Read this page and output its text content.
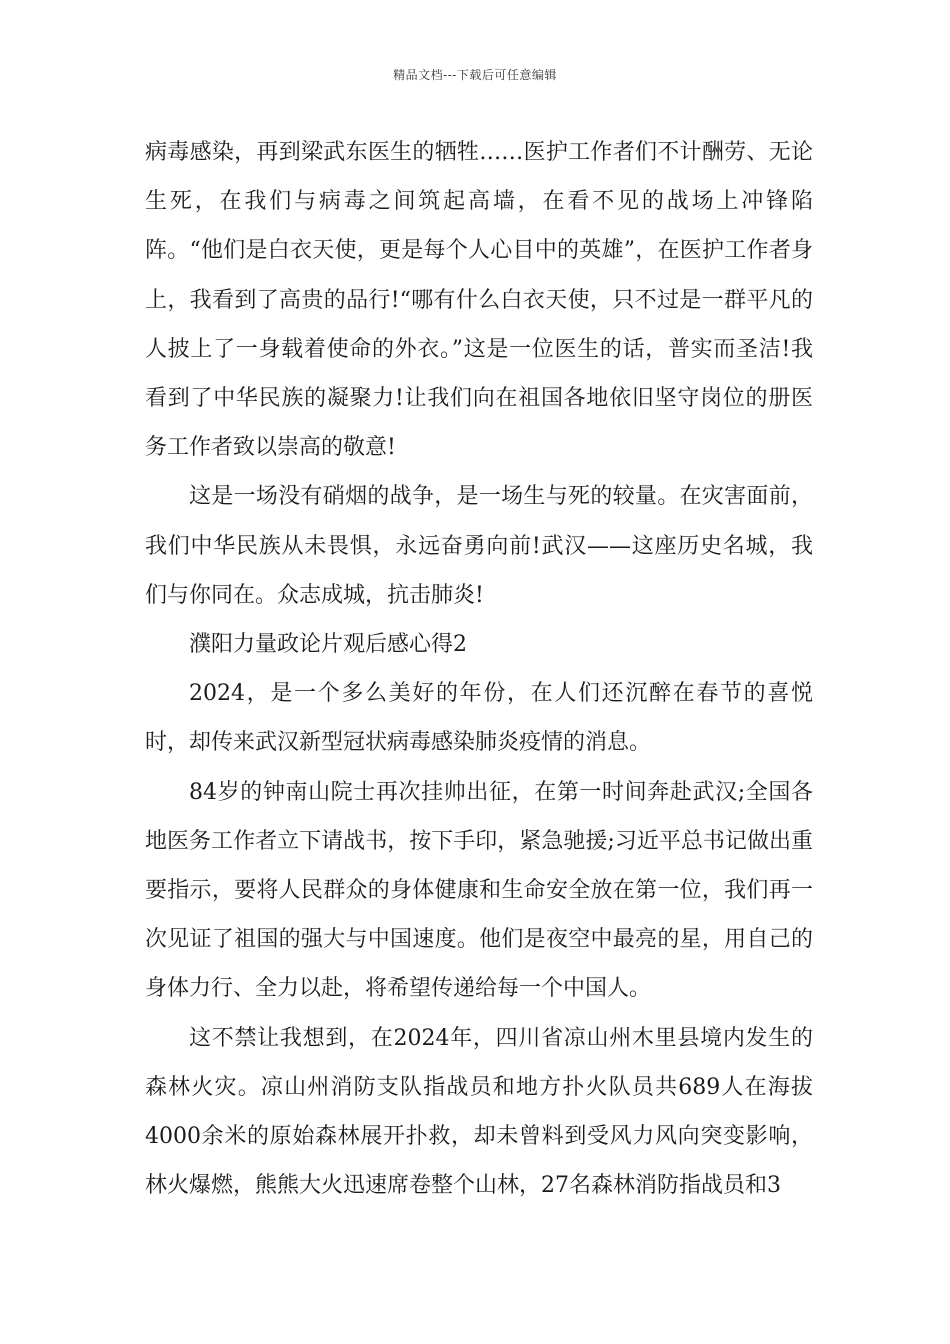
精品文档---下载后可任意编辑

病毒感染，再到梁武东医生的牺牲……医护工作者们不计酬劳、无论生死，在我们与病毒之间筑起高墙，在看不见的战场上冲锋陷阵。“他们是白衣天使，更是每个人心目中的英雄”，在医护工作者身上，我看到了高贵的品行!“哪有什么白衣天使，只不过是一群平凡的人披上了一身载着使命的外衣。”这是一位医生的话，普实而圣洁!我看到了中华民族的凝聚力!让我们向在祖国各地依旧坚守岗位的册医务工作者致以崇高的敬意!

这是一场没有硝烟的战争，是一场生与死的较量。在灾害面前，我们中华民族从未畏惧，永远奋勇向前!武汉——这座历史名城，我们与你同在。众志成城，抗击肺炎!

濮阳力量政论片观后感心得2

2024，是一个多么美好的年份，在人们还沉醉在春节的喜悦时，却传来武汉新型冠状病毒感染肺炎疫情的消息。

84岁的钟南山院士再次挂帅出征，在第一时间奔赴武汉;全国各地医务工作者立下请战书，按下手印，紧急驰援;习近平总书记做出重要指示，要将人民群众的身体健康和生命安全放在第一位，我们再一次见证了祖国的强大与中国速度。他们是夜空中最亮的星，用自己的身体力行、全力以赴，将希望传递给每一个中国人。

这不禁让我想到，在2024年，四川省凉山州木里县境内发生的森林火灾。凉山州消防支队指战员和地方扑火队员共689人在海拔4000余米的原始森林展开扑救，却未曾料到受风力风向突变影响，林火爆燃，熊熊大火迅速席卷整个山林，27名森林消防指战员和3
